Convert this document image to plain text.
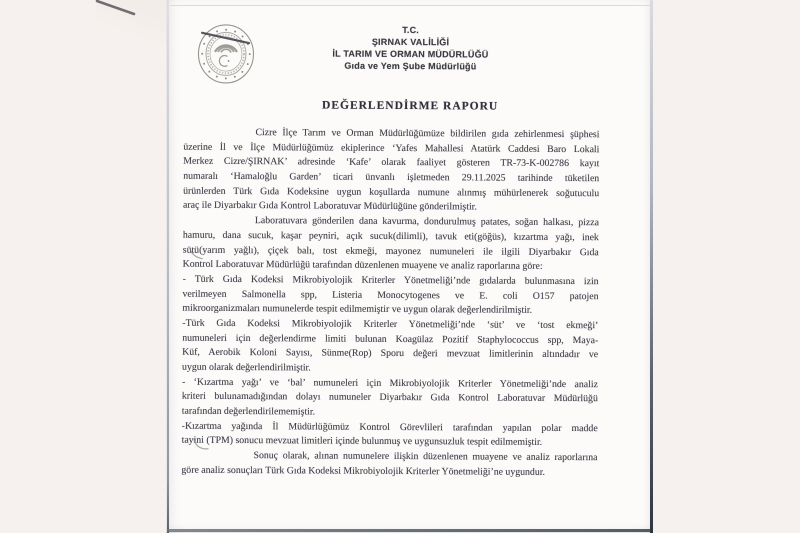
T.C.
ŞIRNAK VALİLİĞİ
İL TARIM VE ORMAN MÜDÜRLÜĞÜ
Gıda ve Yem Şube Müdürlüğü
DEĞERLENDİRME RAPORU
Cizre İlçe Tarım ve Orman Müdürlüğümüze bildirilen gıda zehirlenmesi şüphesi
üzerine İl ve İlçe Müdürlüğümüz ekiplerince ‘Yafes Mahallesi Atatürk Caddesi Baro Lokali
Merkez Cizre/ŞIRNAK’ adresinde ‘Kafe’ olarak faaliyet gösteren TR-73-K-002786 kayıt
numaralı ‘Hamaloğlu Garden’ ticari ünvanlı işletmeden 29.11.2025 tarihinde tüketilen
ürünlerden Türk Gıda Kodeksine uygun koşullarda numune alınmış mühürlenerek soğutuculu
araç ile Diyarbakır Gıda Kontrol Laboratuvar Müdürlüğüne gönderilmiştir.
Laboratuvara gönderilen dana kavurma, dondurulmuş patates, soğan halkası, pizza
hamuru, dana sucuk, kaşar peyniri, açık sucuk(dilimli), tavuk eti(göğüs), kızartma yağı, inek
sütü(yarım yağlı), çiçek balı, tost ekmeği, mayonez numuneleri ile ilgili Diyarbakır Gıda
Kontrol Laboratuvar Müdürlüğü tarafından düzenlenen muayene ve analiz raporlarına göre:
- Türk Gıda Kodeksi Mikrobiyolojik Kriterler Yönetmeliği’nde gıdalarda bulunmasına izin
verilmeyen Salmonella spp, Listeria Monocytogenes ve E. coli O157 patojen
mikroorganizmaları numunelerde tespit edilmemiştir ve uygun olarak değerlendirilmiştir.
-Türk Gıda Kodeksi Mikrobiyolojik Kriterler Yönetmeliği’nde ‘süt’ ve ‘tost ekmeği’
numuneleri için değerlendirme limiti bulunan Koagülaz Pozitif Staphylococcus spp, Maya-
Küf, Aerobik Koloni Sayısı, Sünme(Rop) Sporu değeri mevzuat limitlerinin altındadır ve
uygun olarak değerlendirilmiştir.
- ‘Kızartma yağı’ ve ‘bal’ numuneleri için Mikrobiyolojik Kriterler Yönetmeliği’nde analiz
kriteri bulunamadığından dolayı numuneler Diyarbakır Gıda Kontrol Laboratuvar Müdürlüğü
tarafından değerlendirilememiştir.
-Kızartma yağında İl Müdürlüğümüz Kontrol Görevlileri tarafından yapılan polar madde
tayini (TPM) sonucu mevzuat limitleri içinde bulunmuş ve uygunsuzluk tespit edilmemiştir.
Sonuç olarak, alınan numunelere ilişkin düzenlenen muayene ve analiz raporlarına
göre analiz sonuçları Türk Gıda Kodeksi Mikrobiyolojik Kriterler Yönetmeliği’ne uygundur.
